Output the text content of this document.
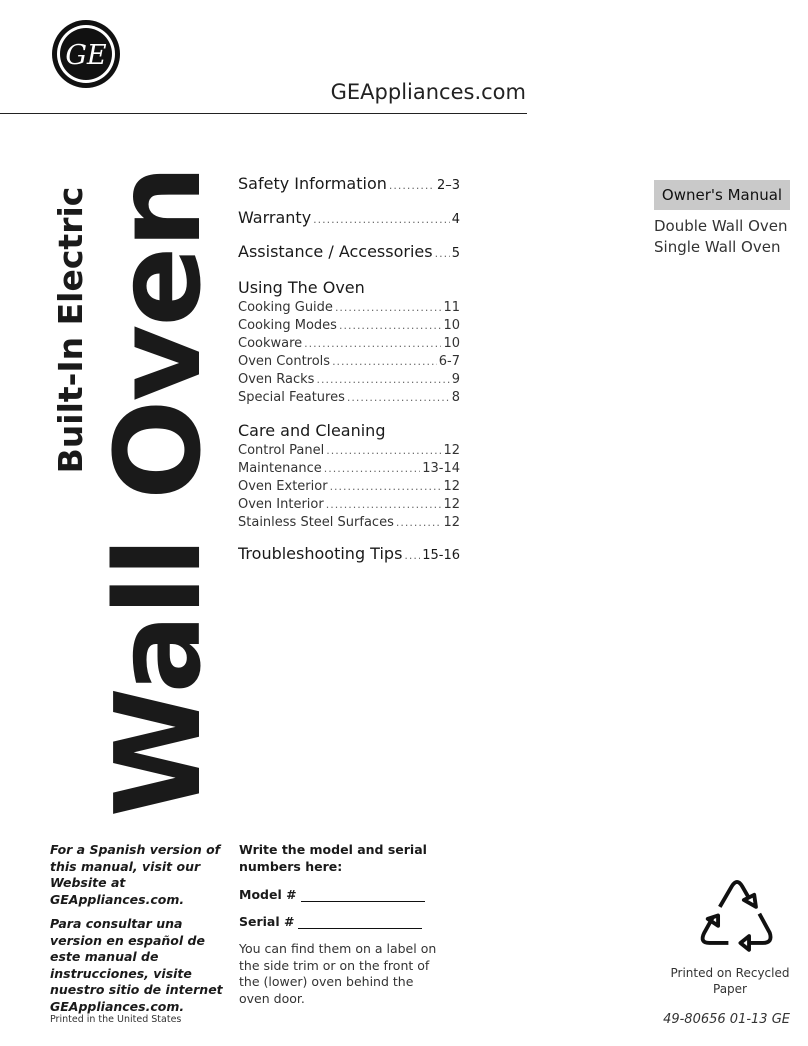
GE
GEAppliances.com
Built-In Electric Wall Oven Safety Information .....	2–3
Warranty .....	4
Assistance / Accessories ..... 5
Using The Oven
Cooking Guide .....	11
Cooking Modes .....	10
Cookware .....	10
Oven Controls .....	6-7
Oven Racks .....	9
Special Features .....	8
Care and Cleaning
Control Panel .....	12
Maintenance .....	13-14
Oven Exterior .....	12
Oven Interior .....	12
Stainless Steel Surfaces .....	12
Troubleshooting Tips ..... 15-16
Owner's Manual
Double Wall Oven
Single Wall Oven

For a Spanish version of this manual, visit our Website at GEAppliances.com.

Para consultar una version en español de este manual de instrucciones, visite nuestro sitio de internet GEAppliances.com.

Write the model and serial numbers here:

Model #
Serial #
You can find them on a label on the side trim or on the front of the (lower) oven behind the oven door.
Printed on Recycled Paper
Printed in the United States	49-80656 01-13 GE
